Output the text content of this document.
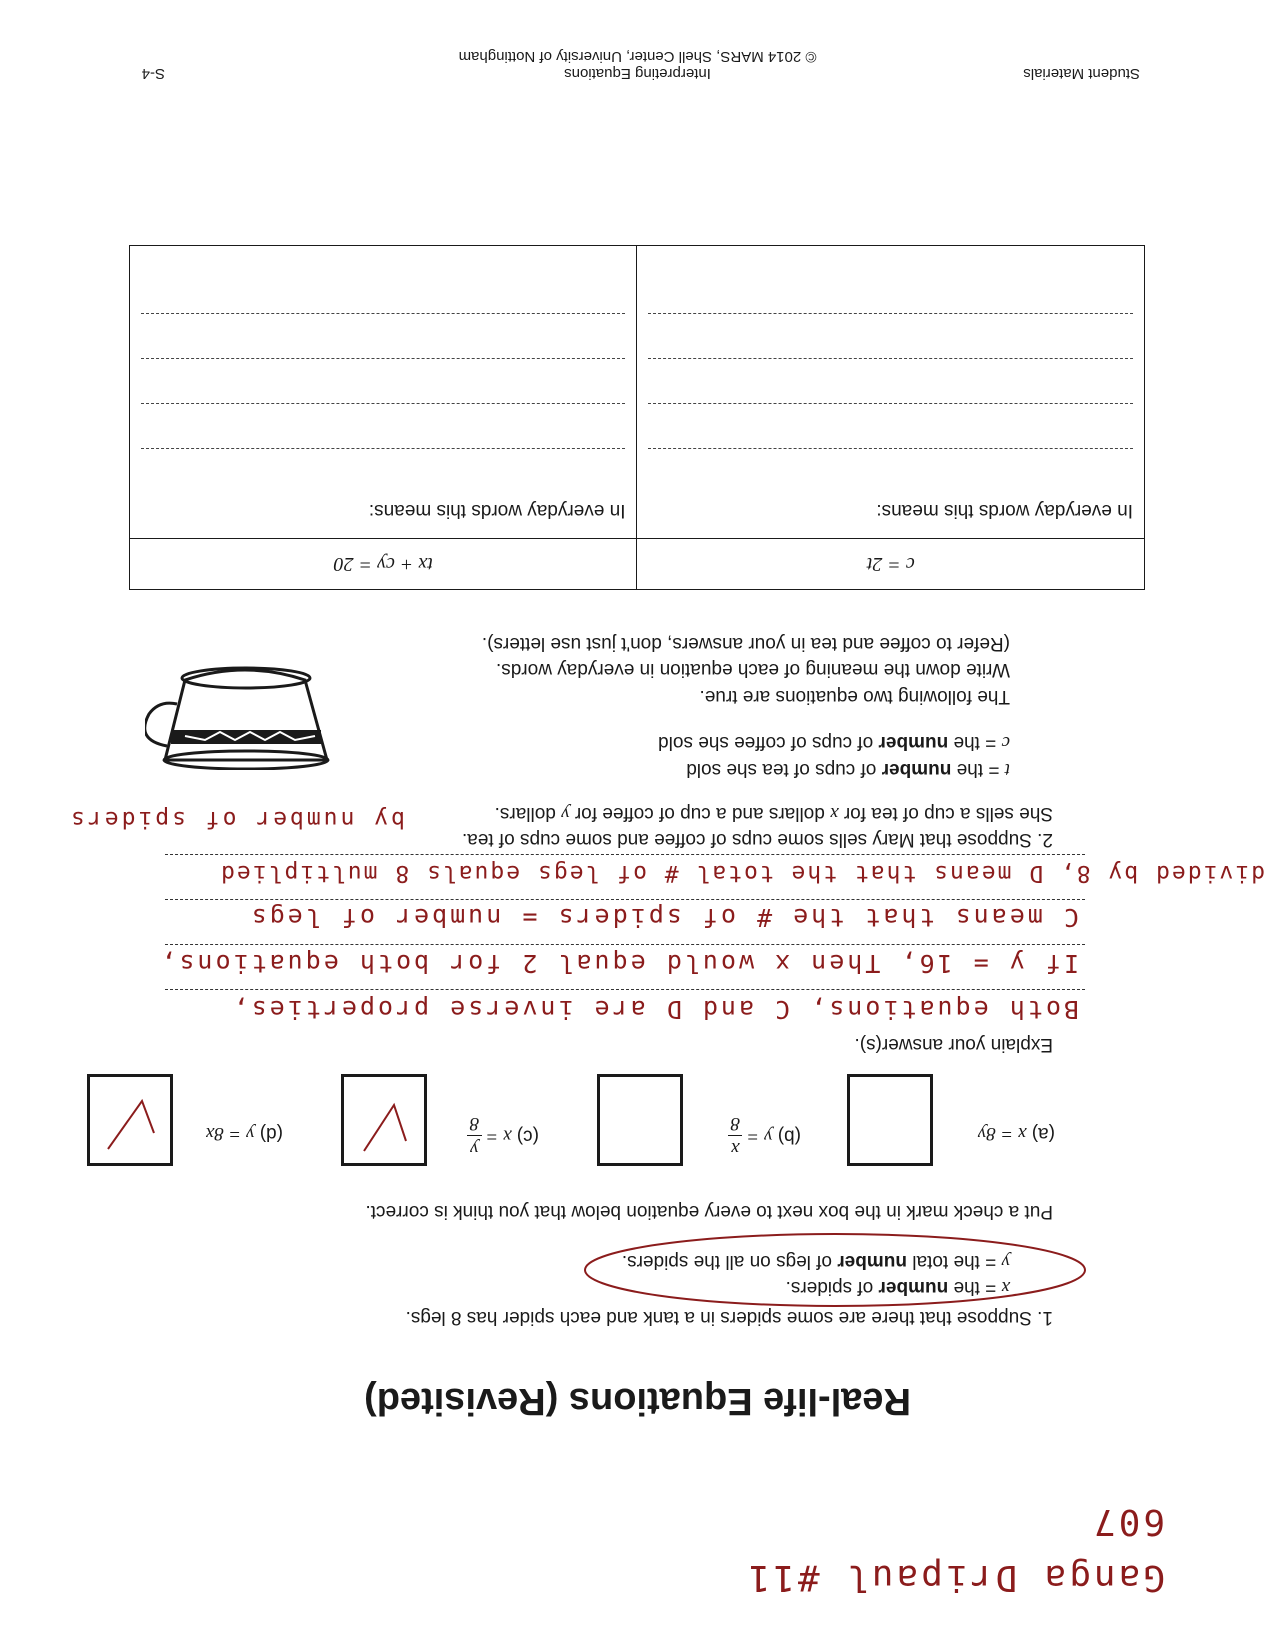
Ganga Dripaul #11
607
Real-life Equations (Revisited)
1. Suppose that there are some spiders in a tank and each spider has 8 legs.
x = the number of spiders.
y = the total number of legs on all the spiders.
Put a check mark in the box next to every equation below that you think is correct.
(a) x = 8y
(b) y =
x
8
(c) x =
y
8
(d) y = 8x
Explain your answer(s).
Both equations, C and D are inverse properties,
If y = 16, Then x would equal 2 for both equations,
C means that the # of spiders = number of legs
divided by 8, D means that the total # of legs equals 8 multiplied
by number of spiders
2. Suppose that Mary sells some cups of coffee and some cups of tea.
She sells a cup of tea for x dollars and a cup of coffee for y dollars.
t = the number of cups of tea she sold
c = the number of cups of coffee she sold
The following two equations are true.
Write down the meaning of each equation in everyday words.
(Refer to coffee and tea in your answers, don't just use letters).
c = 2t	tx + cy = 20

In everyday words this means:	In everyday words this means:
Student Materials
Interpreting Equations
© 2014 MARS, Shell Center, University of Nottingham
S-4
